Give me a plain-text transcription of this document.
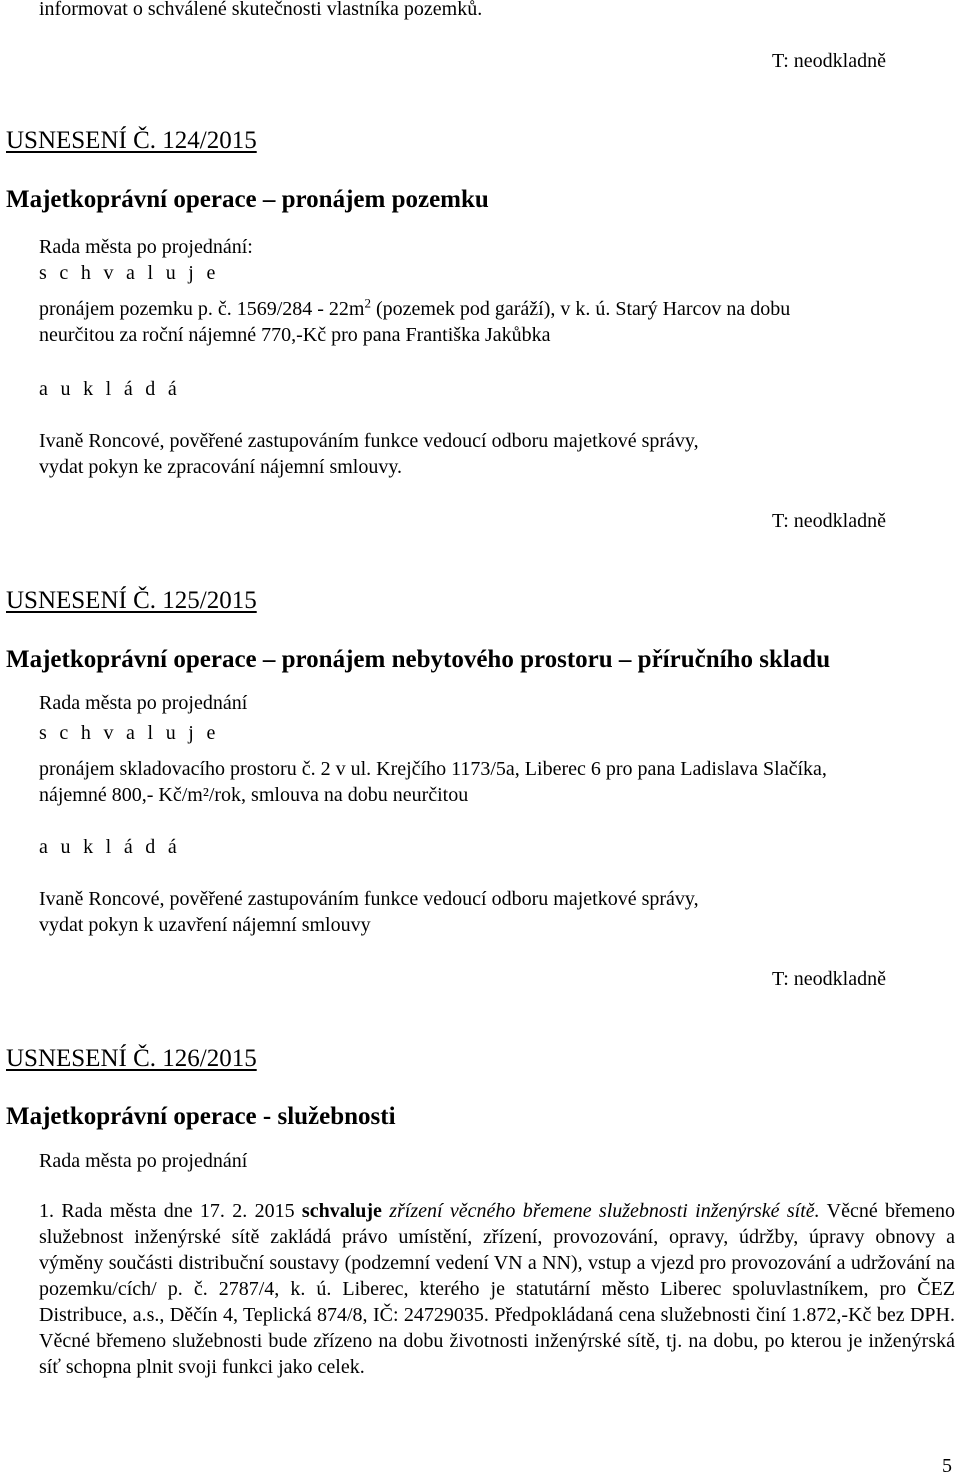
informovat o schválené skutečnosti vlastníka pozemků.
T: neodkladně
USNESENÍ Č. 124/2015
Majetkoprávní operace – pronájem pozemku
Rada města po projednání:
s c h v a l u j e
pronájem pozemku p. č. $1569/284 - 22m^2$ (pozemek pod garáží), v k. ú. Starý Harcov na dobu
neurčitou za roční nájemné 770,-Kč pro pana Františka Jakůbka
a u k l á d á
Ivaně Roncové, pověřené zastupováním funkce vedoucí odboru majetkové správy,
vydat pokyn ke zpracování nájemní smlouvy.
T: neodkladně
USNESENÍ Č. 125/2015
Majetkoprávní operace – pronájem nebytového prostoru – příručního skladu
Rada města po projednání
s c h v a l u j e
pronájem skladovacího prostoru č. 2 v ul. Krejčího 1173/5a, Liberec 6 pro pana Ladislava Slačíka,
nájemné 800,- Kč/m²/rok, smlouva na dobu neurčitou
a u k l á d á
Ivaně Roncové, pověřené zastupováním funkce vedoucí odboru majetkové správy,
vydat pokyn k uzavření nájemní smlouvy
T: neodkladně
USNESENÍ Č. 126/2015
Majetkoprávní operace - služebnosti
Rada města po projednání
1. Rada města dne 17. 2. 2015 schvaluje zřízení věcného břemene služebnosti inženýrské sítě. Věcné břemeno služebnost inženýrské sítě zakládá právo umístění, zřízení, provozování, opravy, údržby, úpravy obnovy a výměny součásti distribuční soustavy (podzemní vedení VN a NN), vstup a vjezd pro provozování a udržování na pozemku/cích/ p. č. 2787/4, k. ú. Liberec, kterého je statutární město Liberec spoluvlastníkem, pro ČEZ Distribuce, a.s., Děčín 4, Teplická 874/8, IČ: 24729035. Předpokládaná cena služebnosti činí 1.872,-Kč bez DPH. Věcné břemeno služebnosti bude zřízeno na dobu životnosti inženýrské sítě, tj. na dobu, po kterou je inženýrská síť schopna plnit svoji funkci jako celek.
5
